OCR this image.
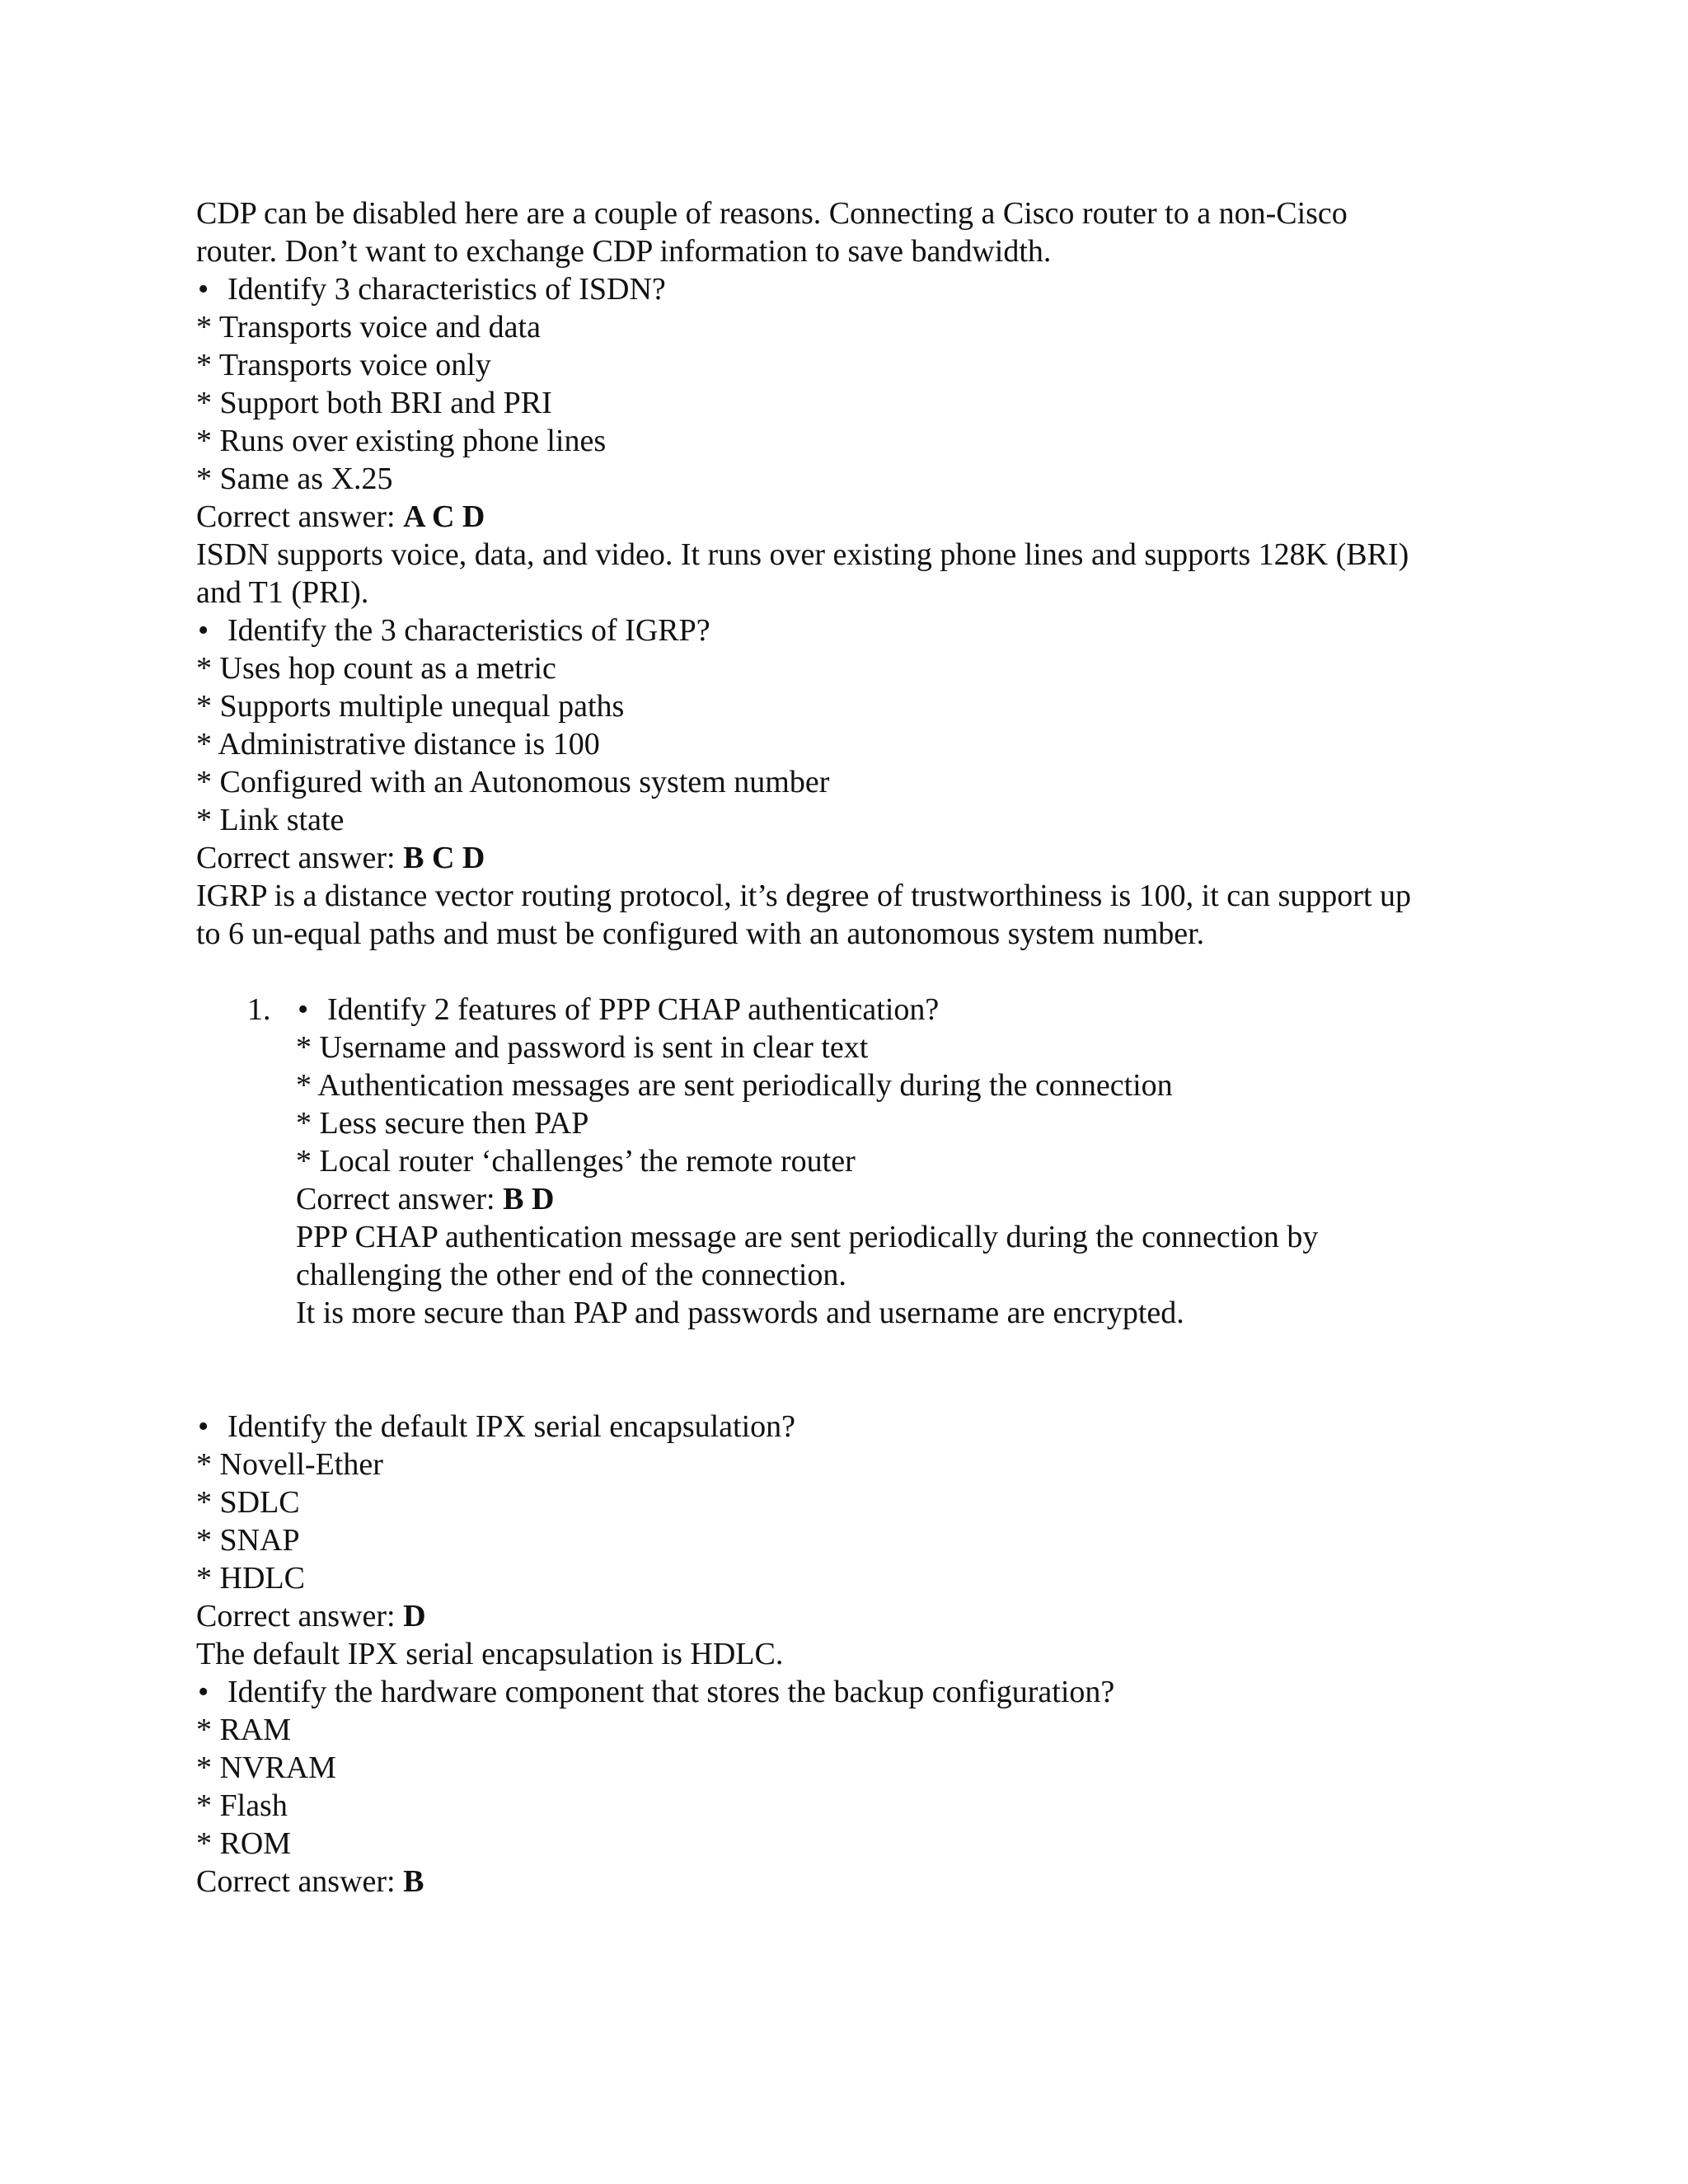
CDP can be disabled here are a couple of reasons. Connecting a Cisco router to a non-Cisco
router. Don’t want to exchange CDP information to save bandwidth.
• Identify 3 characteristics of ISDN?
* Transports voice and data
* Transports voice only
* Support both BRI and PRI
* Runs over existing phone lines
* Same as X.25
Correct answer: A C D
ISDN supports voice, data, and video. It runs over existing phone lines and supports 128K (BRI)
and T1 (PRI).
• Identify the 3 characteristics of IGRP?
* Uses hop count as a metric
* Supports multiple unequal paths
* Administrative distance is 100
* Configured with an Autonomous system number
* Link state
Correct answer: B C D
IGRP is a distance vector routing protocol, it’s degree of trustworthiness is 100, it can support up
to 6 un-equal paths and must be configured with an autonomous system number.
1. • Identify 2 features of PPP CHAP authentication?
* Username and password is sent in clear text
* Authentication messages are sent periodically during the connection
* Less secure then PAP
* Local router ‘challenges’ the remote router
Correct answer: B D
PPP CHAP authentication message are sent periodically during the connection by
challenging the other end of the connection.
It is more secure than PAP and passwords and username are encrypted.
• Identify the default IPX serial encapsulation?
* Novell-Ether
* SDLC
* SNAP
* HDLC
Correct answer: D
The default IPX serial encapsulation is HDLC.
• Identify the hardware component that stores the backup configuration?
* RAM
* NVRAM
* Flash
* ROM
Correct answer: B
